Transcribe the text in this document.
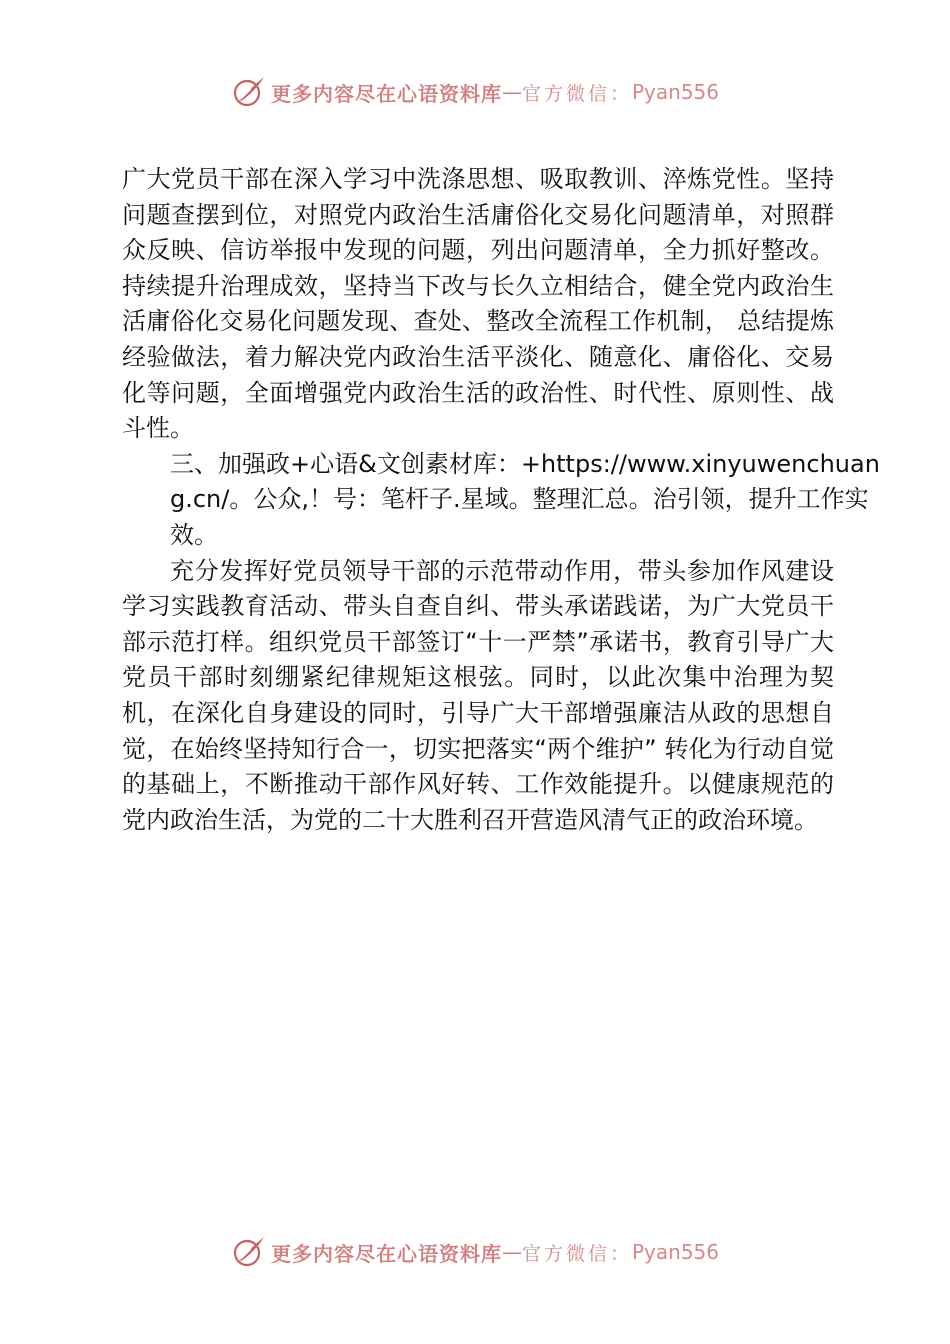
更多内容尽在心语资料库 — 官方微信： Pyan556

广大党员干部在深入学习中洗涤思想、吸取教训、淬炼党性。坚持问题查摆到位，对照党内政治生活庸俗化交易化问题清单，对照群众反映、信访举报中发现的问题，列出问题清单，全力抓好整改。持续提升治理成效，坚持当下改与长久立相结合，健全党内政治生活庸俗化交易化问题发现、查处、整改全流程工作机制， 总结提炼经验做法，着力解决党内政治生活平淡化、随意化、庸俗化、交易化等问题，全面增强党内政治生活的政治性、时代性、原则性、战斗性。

三、加强政+心语&文创素材库：+https://www.xinyuwenchuang.cn/。公众,！号：笔杆子.星域。整理汇总。治引领，提升工作实效。

充分发挥好党员领导干部的示范带动作用，带头参加作风建设学习实践教育活动、带头自查自纠、带头承诺践诺，为广大党员干部示范打样。组织党员干部签订“十一严禁”承诺书，教育引导广大党员干部时刻绷紧纪律规矩这根弦。同时，以此次集中治理为契机，在深化自身建设的同时，引导广大干部增强廉洁从政的思想自觉，在始终坚持知行合一，切实把落实“两个维护” 转化为行动自觉的基础上，不断推动干部作风好转、工作效能提升。以健康规范的党内政治生活，为党的二十大胜利召开营造风清气正的政治环境。

更多内容尽在心语资料库 — 官方微信： Pyan556
